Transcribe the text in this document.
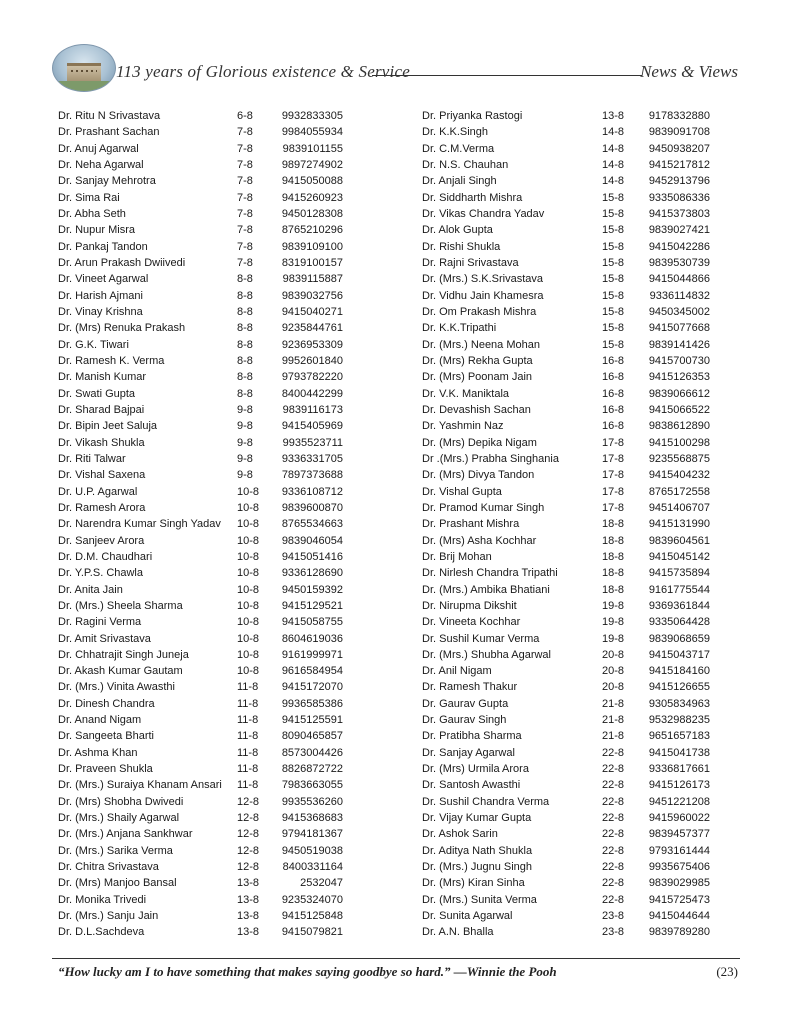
113 years of Glorious existence & Service	News & Views
Dr. Ritu N Srivastava	6-8	9932833305
Dr. Prashant Sachan	7-8	9984055934
Dr. Anuj Agarwal	7-8	9839101155
Dr. Neha Agarwal	7-8	9897274902
Dr. Sanjay Mehrotra	7-8	9415050088
Dr. Sima Rai	7-8	9415260923
Dr. Abha Seth	7-8	9450128308
Dr. Nupur Misra	7-8	8765210296
Dr. Pankaj Tandon	7-8	9839109100
Dr. Arun Prakash Dwiivedi	7-8	8319100157
Dr. Vineet Agarwal	8-8	9839115887
Dr. Harish Ajmani	8-8	9839032756
Dr. Vinay Krishna	8-8	9415040271
Dr. (Mrs) Renuka Prakash	8-8	9235844761
Dr. G.K. Tiwari	8-8	9236953309
Dr. Ramesh K. Verma	8-8	9952601840
Dr. Manish Kumar	8-8	9793782220
Dr. Swati Gupta	8-8	8400442299
Dr. Sharad Bajpai	9-8	9839116173
Dr. Bipin Jeet Saluja	9-8	9415405969
Dr. Vikash Shukla	9-8	9935523711
Dr. Riti Talwar	9-8	9336331705
Dr. Vishal Saxena	9-8	7897373688
Dr. U.P. Agarwal	10-8 9336108712
Dr. Ramesh Arora	10-8 9839600870
Dr. Narendra Kumar Singh Yadav 10-8 8765534663
Dr. Sanjeev Arora	10-8 9839046054
Dr. D.M. Chaudhari	10-8 9415051416
Dr. Y.P.S. Chawla	10-8 9336128690
Dr. Anita Jain	10-8 9450159392
Dr. (Mrs.) Sheela Sharma	10-8 9415129521
Dr. Ragini Verma	10-8 9415058755
Dr. Amit Srivastava	10-8 8604619036
Dr. Chhatrajit Singh Juneja	10-8 9161999971
Dr. Akash Kumar Gautam	10-8 9616584954
Dr. (Mrs.) Vinita Awasthi	11-8 9415172070
Dr. Dinesh Chandra	11-8 9936585386
Dr. Anand Nigam	11-8 9415125591
Dr. Sangeeta Bharti	11-8 8090465857
Dr. Ashma Khan	11-8 8573004426
Dr. Praveen Shukla	11-8 8826872722
Dr. (Mrs.) Suraiya Khanam Ansari 11-8 7983663055
Dr. (Mrs) Shobha Dwivedi	12-8 9935536260
Dr. (Mrs.) Shaily Agarwal	12-8 9415368683
Dr. (Mrs.) Anjana Sankhwar	12-8 9794181367
Dr. (Mrs.) Sarika Verma	12-8 9450519038
Dr. Chitra Srivastava	12-8 8400331164
Dr. (Mrs) Manjoo Bansal	13-8	2532047
Dr. Monika Trivedi	13-8 9235324070
Dr. (Mrs.) Sanju Jain	13-8 9415125848
Dr. D.L.Sachdeva	13-8 9415079821
Dr. Priyanka Rastogi	13-8 9178332880
Dr. K.K.Singh	14-8 9839091708
Dr. C.M.Verma	14-8 9450938207
Dr. N.S. Chauhan	14-8 9415217812
Dr. Anjali Singh	14-8 9452913796
Dr. Siddharth Mishra	15-8 9335086336
Dr. Vikas Chandra Yadav	15-8 9415373803
Dr. Alok Gupta	15-8 9839027421
Dr. Rishi Shukla	15-8 9415042286
Dr. Rajni Srivastava	15-8 9839530739
Dr. (Mrs.) S.K.Srivastava	15-8 9415044866
Dr. Vidhu Jain Khamesra	15-8 9336114832
Dr. Om Prakash Mishra	15-8 9450345002
Dr. K.K.Tripathi	15-8 9415077668
Dr. (Mrs.) Neena Mohan	15-8 9839141426
Dr. (Mrs) Rekha Gupta	16-8 9415700730
Dr. (Mrs) Poonam Jain	16-8 9415126353
Dr. V.K. Maniktala	16-8 9839066612
Dr. Devashish Sachan	16-8 9415066522
Dr. Yashmin Naz	16-8 9838612890
Dr. (Mrs) Depika Nigam	17-8 9415100298
Dr .(Mrs.) Prabha Singhania	17-8 9235568875
Dr. (Mrs) Divya Tandon	17-8 9415404232
Dr. Vishal Gupta	17-8 8765172558
Dr. Pramod Kumar Singh	17-8 9451406707
Dr. Prashant Mishra	18-8 9415131990
Dr. (Mrs) Asha Kochhar	18-8 9839604561
Dr. Brij Mohan	18-8 9415045142
Dr. Nirlesh Chandra Tripathi	18-8 9415735894
Dr. (Mrs.) Ambika Bhatiani	18-8 9161775544
Dr. Nirupma Dikshit	19-8 9369361844
Dr. Vineeta Kochhar	19-8 9335064428
Dr. Sushil Kumar Verma	19-8 9839068659
Dr. (Mrs.) Shubha Agarwal	20-8 9415043717
Dr. Anil Nigam	20-8 9415184160
Dr. Ramesh Thakur	20-8 9415126655
Dr. Gaurav Gupta	21-8 9305834963
Dr. Gaurav Singh	21-8 9532988235
Dr. Pratibha Sharma	21-8 9651657183
Dr. Sanjay Agarwal	22-8 9415041738
Dr. (Mrs) Urmila Arora	22-8 9336817661
Dr. Santosh Awasthi	22-8 9415126173
Dr. Sushil Chandra Verma	22-8 9451221208
Dr. Vijay Kumar Gupta	22-8 9415960022
Dr. Ashok Sarin	22-8 9839457377
Dr. Aditya Nath Shukla	22-8 9793161444
Dr. (Mrs.) Jugnu Singh	22-8 9935675406
Dr. (Mrs) Kiran Sinha	22-8 9839029985
Dr. (Mrs.) Sunita Verma	22-8 9415725473
Dr. Sunita Agarwal	23-8 9415044644
Dr. A.N. Bhalla	23-8 9839789280
“How lucky am I to have something that makes saying goodbye so hard.” —Winnie the Pooh	(23)
